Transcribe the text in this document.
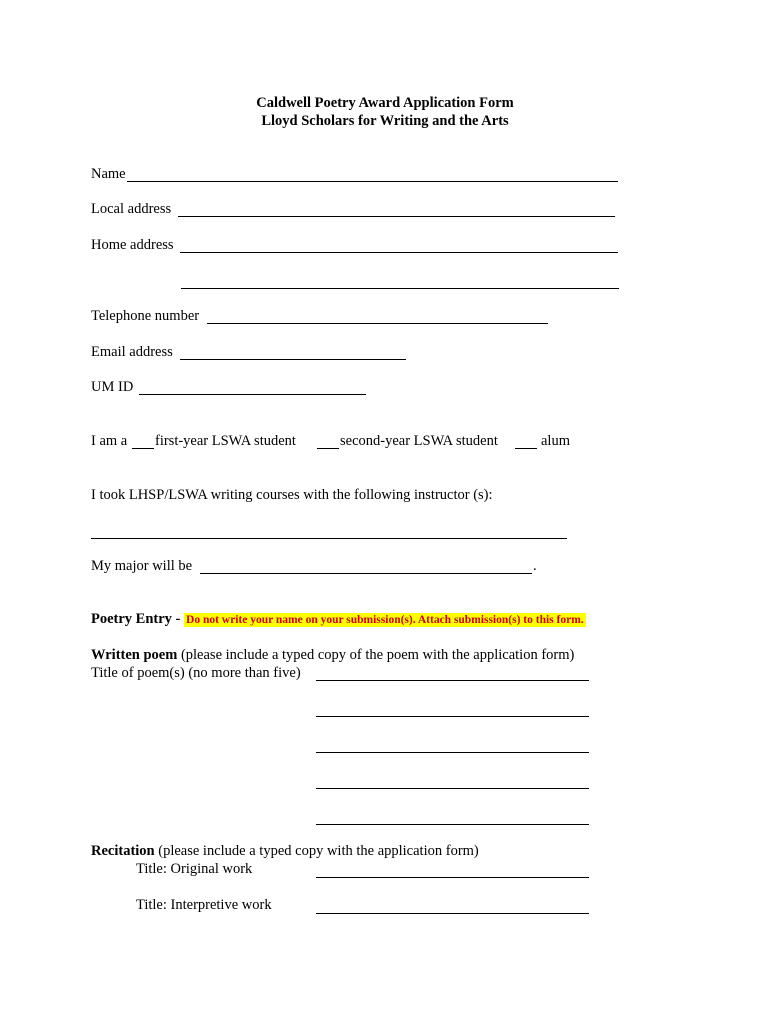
Caldwell Poetry Award Application Form
Lloyd Scholars for Writing and the Arts
Name
Local address
Home address
Telephone number
Email address
UM ID
I am a first-year LSWA student	second-year LSWA student	alum
I took LHSP/LSWA writing courses with the following instructor (s):
My major will be	.
Poetry Entry - Do not write your name on your submission(s). Attach submission(s) to this form.
Written poem (please include a typed copy of the poem with the application form)
Title of poem(s) (no more than five)
Recitation (please include a typed copy with the application form)
Title: Original work
Title: Interpretive work
